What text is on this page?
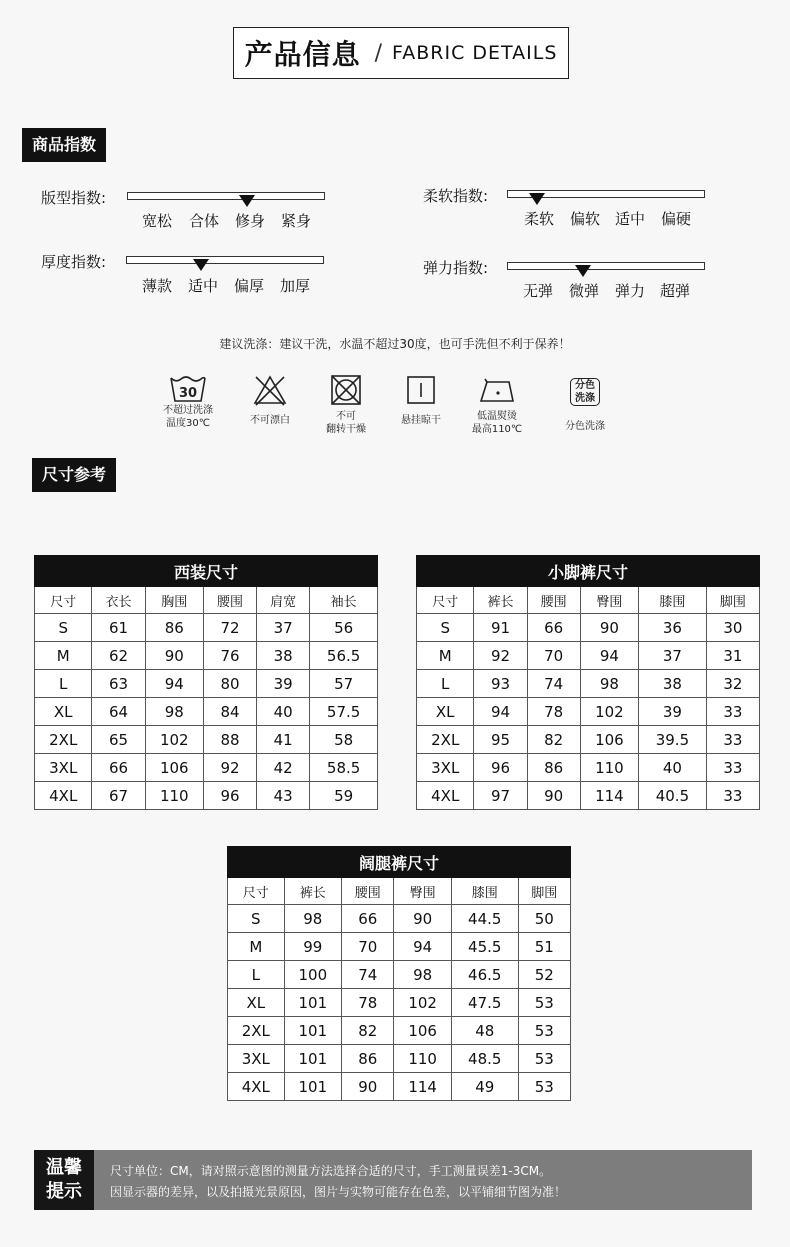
产品信息 / FABRIC DETAILS
商品指数
版型指数:
宽松 合体 修身 紧身
柔软指数:
柔软 偏软 适中 偏硬
厚度指数:
薄款 适中 偏厚 加厚
弹力指数:
无弹 微弹 弹力 超弹
建议洗涤：建议干洗，水温不超过30度，也可手洗但不利于保养！
30
不超过洗涤
温度30℃	不可漂白	不可
翻转干燥
悬挂晾干	低温熨烫
最高110℃
分色洗涤
分色洗涤
尺寸参考
西装尺寸					
尺寸	衣长	胸围	腰围	肩宽	袖长
S	61	86	72	37	56
M	62	90	76	38	56.5
L	63	94	80	39	57
XL	64	98	84	40	57.5
2XL	65	102	88	41	58
3XL	66	106	92	42	58.5
4XL	67	110	96	43	59
小脚裤尺寸					
尺寸	裤长	腰围	臀围	膝围	脚围
S	91	66	90	36	30
M	92	70	94	37	31
L	93	74	98	38	32
XL	94	78	102	39	33
2XL	95	82	106	39.5	33
3XL	96	86	110	40	33
4XL	97	90	114	40.5	33
阔腿裤尺寸					
尺寸	裤长	腰围	臀围	膝围	脚围
S	98	66	90	44.5	50
M	99	70	94	45.5	51
L	100	74	98	46.5	52
XL	101	78	102	47.5	53
2XL	101	82	106	48	53
3XL	101	86	110	48.5	53
4XL	101	90	114	49	53
温馨
提示
尺寸单位：CM，请对照示意图的测量方法选择合适的尺寸，手工测量误差1-3CM。
因显示器的差异，以及拍摄光景原因，图片与实物可能存在色差，以平铺细节图为准！
